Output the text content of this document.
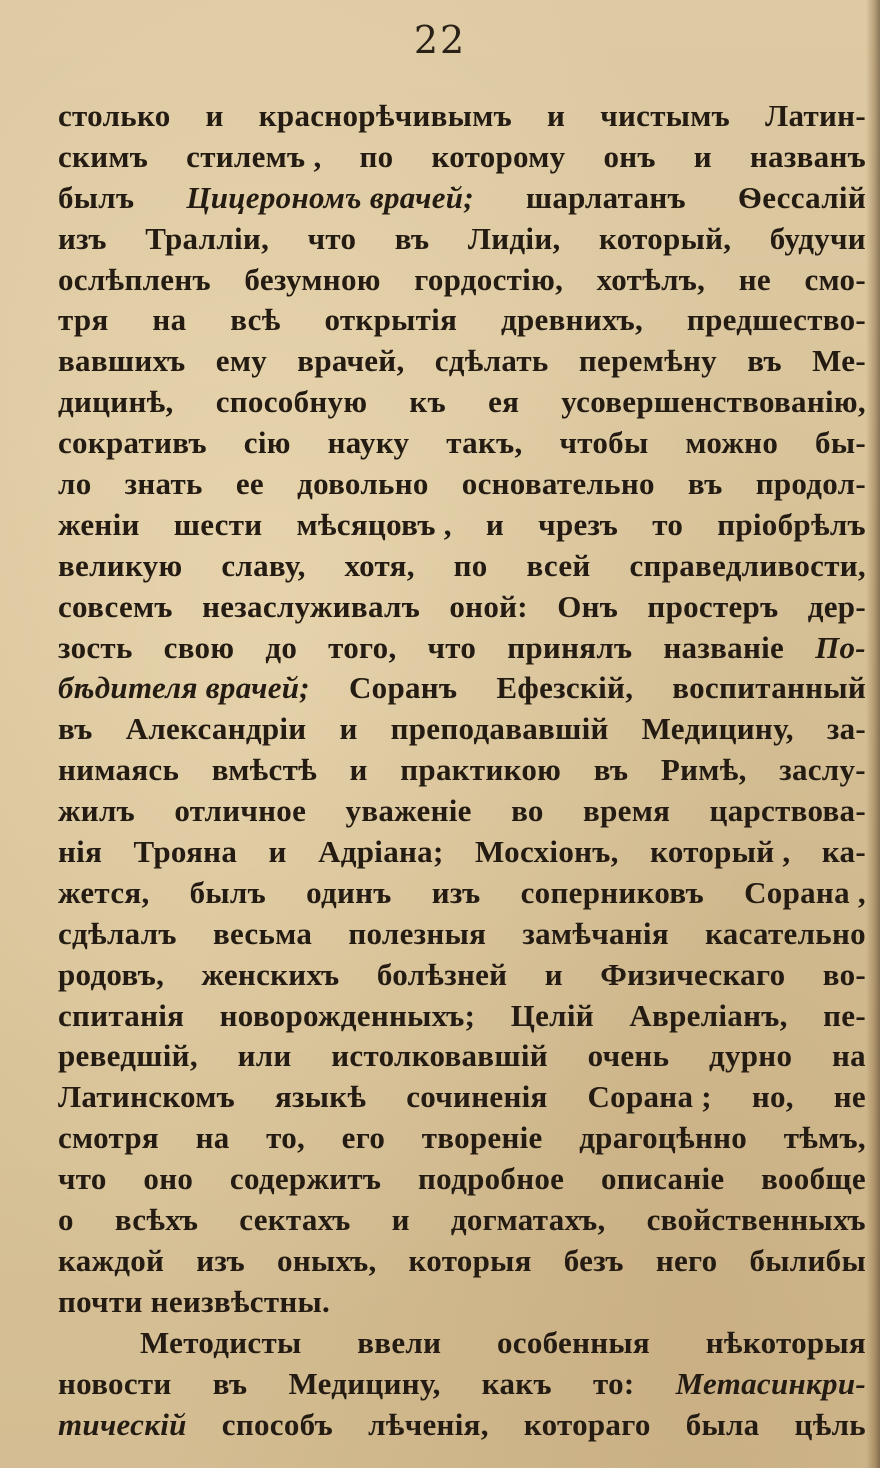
22
столько и краснорѣчивымъ и чистымъ Латин-
скимъ стилемъ , по которому онъ и названъ
былъ Цицерономъ врачей; шарлатанъ Ѳессалій
изъ Траллiи, что въ Лидiи, который, будучи
ослѣпленъ безумною гордостiю, хотѣлъ, не смо-
тря на всѣ открытiя древнихъ, предшество-
вавшихъ ему врачей, сдѣлать перемѣну въ Ме-
дицинѣ, способную къ ея усовершенствованiю,
сокративъ сiю науку такъ, чтобы можно бы-
ло знать ее довольно основательно въ продол-
женiи шести мѣсяцовъ , и чрезъ то прiобрѣлъ
великую славу, хотя, по всей справедливости,
совсемъ незаслуживалъ оной: Онъ простеръ дер-
зость свою до того, что принялъ названiе По-
бѣдителя врачей; Соранъ Ефезскiй, воспитанный
въ Александрiи и преподававшiй Медицину, за-
нимаясь вмѣстѣ и практикою въ Римѣ, заслу-
жилъ отличное уваженiе во время царствова-
нiя Трояна и Адрiана; Мосхiонъ, который , ка-
жется, былъ одинъ изъ соперниковъ Сорана ,
сдѣлалъ весьма полезныя замѣчанiя касательно
родовъ, женскихъ болѣзней и Физическаго во-
спитанiя новорожденныхъ; Целiй Аврелiанъ, пе-
реведшiй, или истолковавшiй очень дурно на
Латинскомъ языкѣ сочиненiя Сорана ; но, не
смотря на то, его творенiе драгоцѣнно тѣмъ,
что оно содержитъ подробное описанiе вообще
о всѣхъ сектахъ и догматахъ, свойственныхъ
каждой изъ оныхъ, которыя безъ него былибы
почти неизвѣстны.
Методисты ввели особенныя нѣкоторыя
новости въ Медицину, какъ то: Метасинкри-
тическiй способъ лѣченiя, котораго была цѣль
